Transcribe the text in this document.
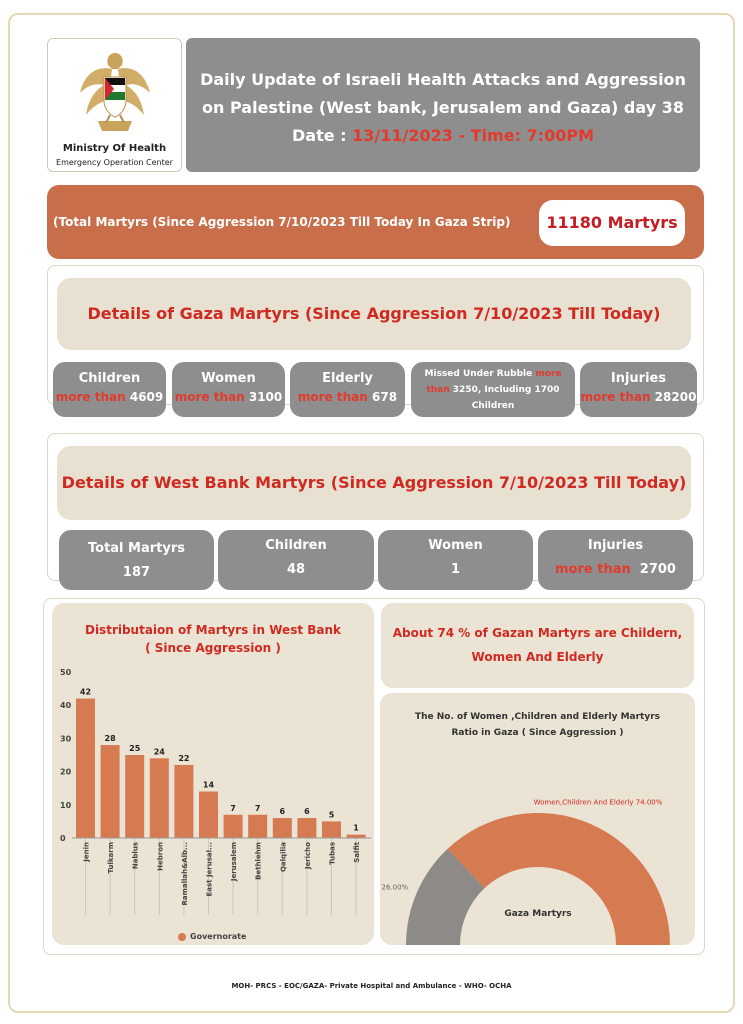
Ministry Of Health
Emergency Operation Center
Daily Update of Israeli Health Attacks and Aggression
on Palestine (West bank, Jerusalem and Gaza) day 38
Date : 13/11/2023 - Time: 7:00PM
(Total Martyrs (Since Aggression 7/10/2023 Till Today In Gaza Strip)	11180 Martyrs
Details of Gaza Martyrs (Since Aggression 7/10/2023 Till Today)
Children
more than 4609
Women
more than 3100
Elderly
more than 678
Missed Under Rubble more
than 3250, Including 1700
Children
Injuries
more than 28200
Details of West Bank Martyrs (Since Aggression 7/10/2023 Till Today)
Total Martyrs
187
Children
48
Women
1
Injuries
more than 2700
Distributaion of Martyrs in West Bank
( Since Aggression )
0
10
20
30
40
50
42
Jenin
28
Tulkarm
25
Nablus
24
Hebron
22
Ramallah&Alb...
14
East Jerusal...
7
Jerusalem
7
Bethlehm
6
Qalqilia
6
Jericho
5
Tubas
1
Salfit
Governorate
About 74 % of Gazan Martyrs are Childern,
Women And Elderly
The No. of Women ,Children and Elderly Martyrs
Ratio in Gaza ( Since Aggression )
26.00%
Women,Children And Elderly 74.00%
Gaza Martyrs
MOH- PRCS - EOC/GAZA- Private Hospital and Ambulance - WHO- OCHA
